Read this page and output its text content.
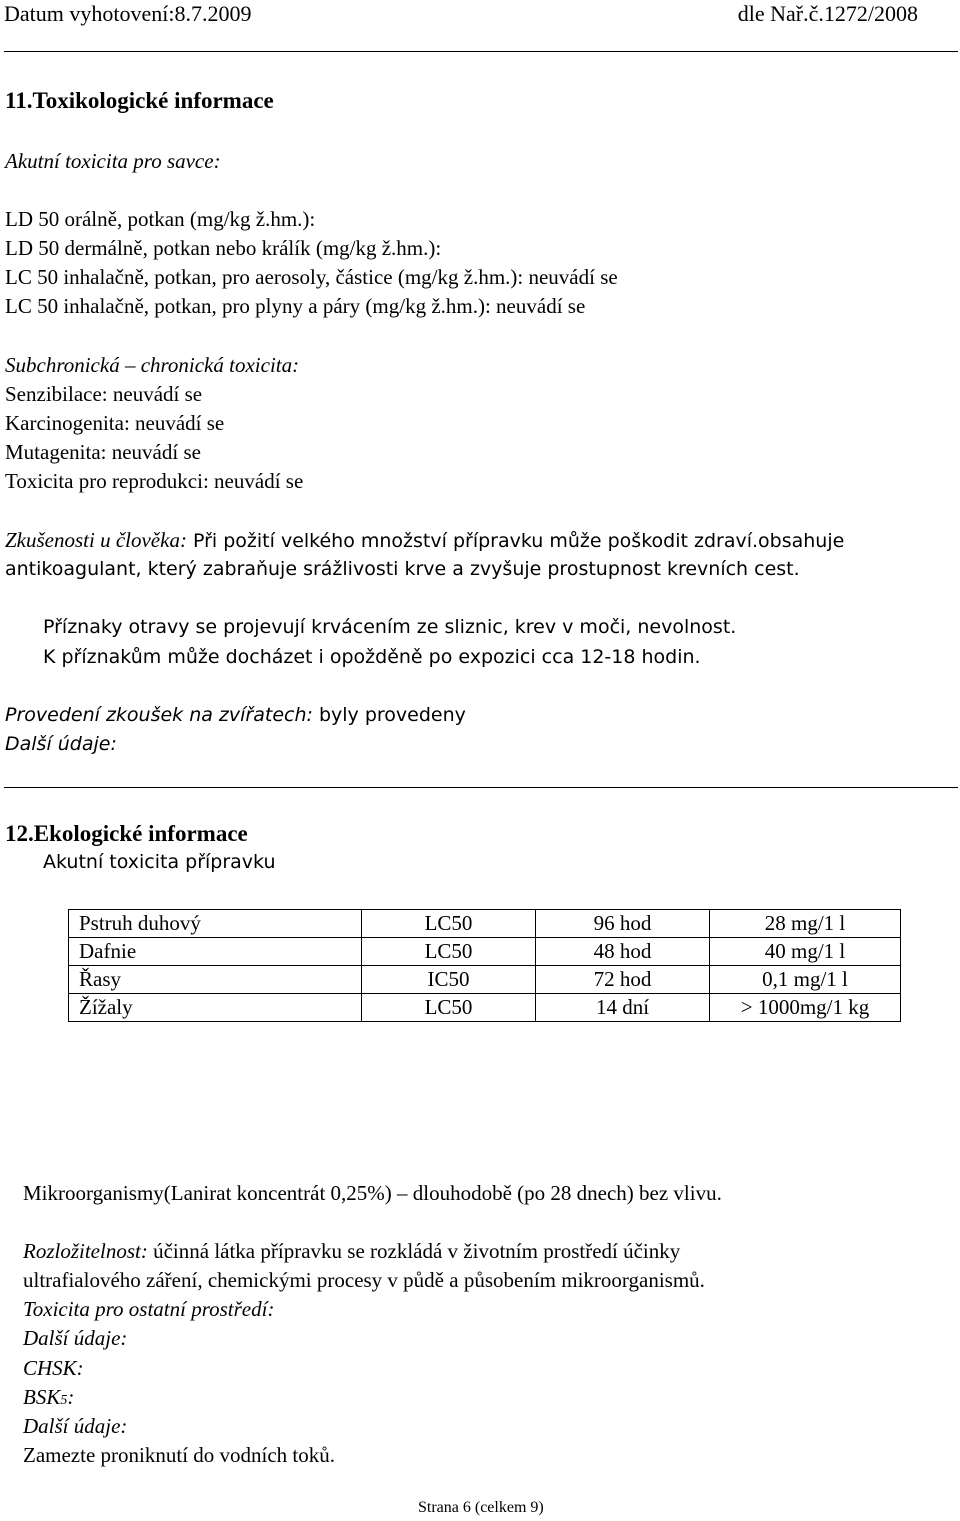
Datum vyhotovení:8.7.2009	dle Nař.č.1272/2008
11.Toxikologické informace
Akutní toxicita pro savce:
LD 50 orálně, potkan (mg/kg ž.hm.):
LD 50 dermálně, potkan nebo králík (mg/kg ž.hm.):
LC 50 inhalačně, potkan, pro aerosoly, částice (mg/kg ž.hm.): neuvádí se
LC 50 inhalačně, potkan, pro plyny a páry (mg/kg ž.hm.): neuvádí se
Subchronická – chronická toxicita:
Senzibilace: neuvádí se
Karcinogenita: neuvádí se
Mutagenita: neuvádí se
Toxicita pro reprodukci: neuvádí se
Zkušenosti u člověka: Při požití velkého množství přípravku může poškodit zdraví.obsahuje
antikoagulant, který zabraňuje srážlivosti krve a zvyšuje prostupnost krevních cest.
Příznaky otravy se projevují krvácením ze sliznic, krev v moči, nevolnost.
K příznakům může docházet i opožděně po expozici cca 12-18 hodin.
Provedení zkoušek na zvířatech: byly provedeny
Další údaje:
12.Ekologické informace
Akutní toxicita přípravku
Pstruh duhový	LC50	96 hod	28 mg/1 l
Dafnie	LC50	48 hod	40 mg/1 l
Řasy	IC50	72 hod	0,1 mg/1 l
Žížaly	LC50	14 dní	> 1000mg/1 kg
Mikroorganismy(Lanirat koncentrát 0,25%) – dlouhodobě (po 28 dnech) bez vlivu.
Rozložitelnost: účinná látka přípravku se rozkládá v životním prostředí účinky
ultrafialového záření, chemickými procesy v půdě a působením mikroorganismů.
Toxicita pro ostatní prostředí:
Další údaje:
CHSK:
BSK5:
Další údaje:
Zamezte proniknutí do vodních toků.
Strana 6 (celkem 9)
